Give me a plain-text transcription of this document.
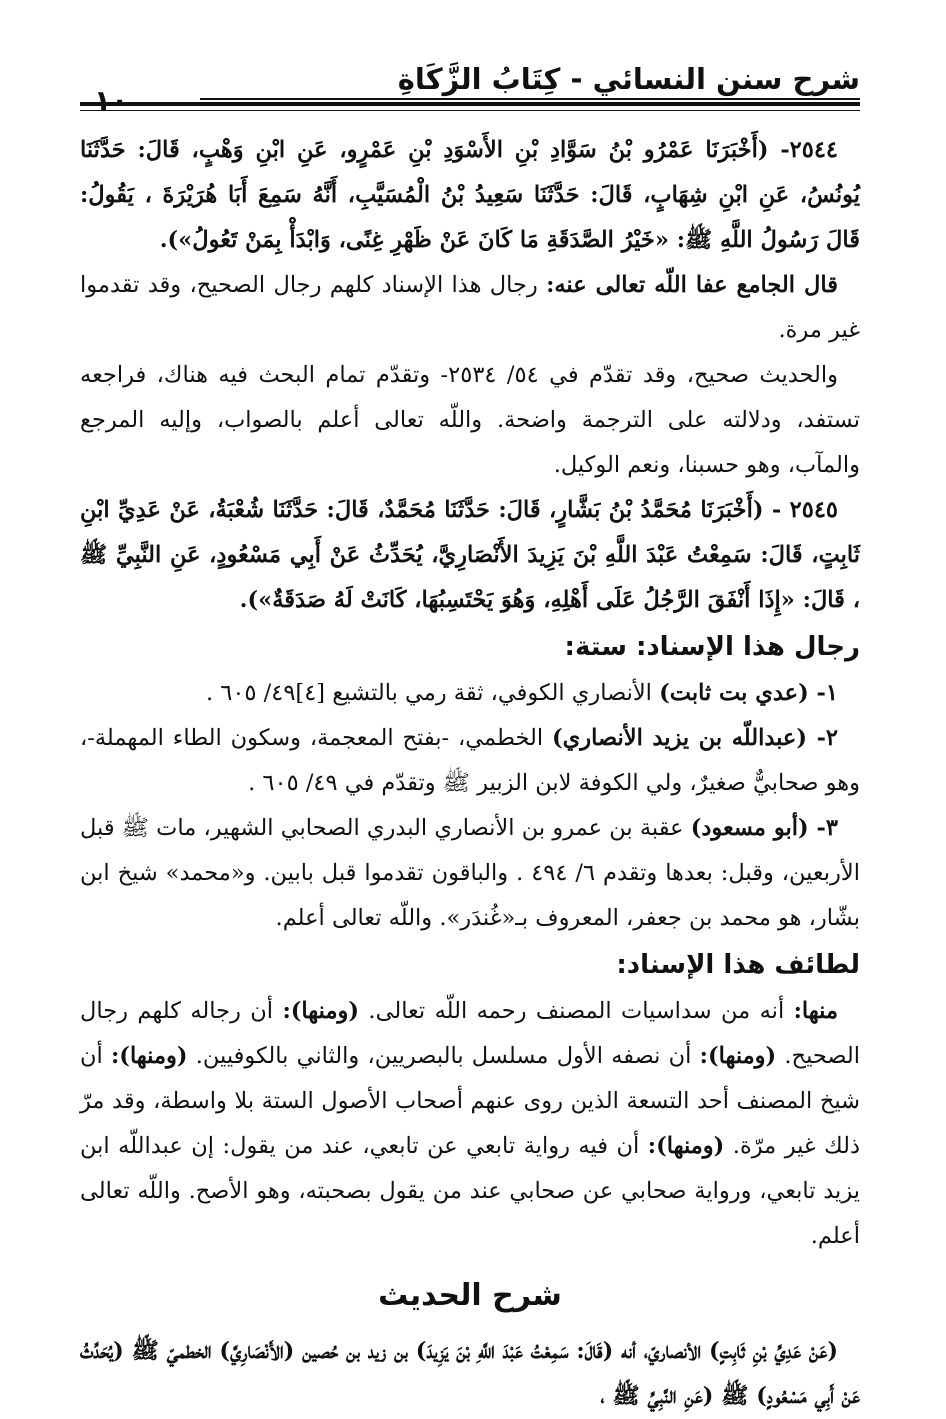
شرح سنن النسائي - كِتَابُ الزَّكَاةِ
١٠

٢٥٤٤- (أَخْبَرَنَا عَمْرُو بْنُ سَوَّادِ بْنِ الأَسْوَدِ بْنِ عَمْرٍو، عَنِ ابْنِ وَهْبٍ، قَالَ: حَدَّثَنَا يُونُسُ، عَنِ ابْنِ شِهَابٍ، قَالَ: حَدَّثَنَا سَعِيدُ بْنُ الْمُسَيَّبِ، أَنَّهُ سَمِعَ أَبَا هُرَيْرَةَ ، يَقُولُ: قَالَ رَسُولُ اللَّهِ ﷺ: «خَيْرُ الصَّدَقَةِ مَا كَانَ عَنْ ظَهْرِ غِنًى، وَابْدَأْ بِمَنْ تَعُولُ»).

قال الجامع عفا اللّه تعالى عنه: رجال هذا الإسناد كلهم رجال الصحيح، وقد تقدموا غير مرة.

والحديث صحيح، وقد تقدّم في ٥٤/ ٢٥٣٤- وتقدّم تمام البحث فيه هناك، فراجعه تستفد، ودلالته على الترجمة واضحة. واللّه تعالى أعلم بالصواب، وإليه المرجع والمآب، وهو حسبنا، ونعم الوكيل.

٢٥٤٥ - (أَخْبَرَنَا مُحَمَّدُ بْنُ بَشَّارٍ، قَالَ: حَدَّثَنَا مُحَمَّدٌ، قَالَ: حَدَّثَنَا شُعْبَةُ، عَنْ عَدِيِّ ابْنِ ثَابِتٍ، قَالَ: سَمِعْتُ عَبْدَ اللَّهِ بْنَ يَزِيدَ الأَنْصَارِيَّ، يُحَدِّثُ عَنْ أَبِي مَسْعُودٍ، عَنِ النَّبِيِّ ﷺ ، قَالَ: «إِذَا أَنْفَقَ الرَّجُلُ عَلَى أَهْلِهِ، وَهُوَ يَحْتَسِبُهَا، كَانَتْ لَهُ صَدَقَةٌ»).

رجال هذا الإسناد: ستة:

١- (عدي بت ثابت) الأنصاري الكوفي، ثقة رمي بالتشيع [٤]٤٩/ ٦٠٥ .

٢- (عبداللّه بن يزيد الأنصاري) الخطمي، -بفتح المعجمة، وسكون الطاء المهملة-، وهو صحابيٌّ صغيرٌ، ولي الكوفة لابن الزبير ﷺ وتقدّم في ٤٩/ ٦٠٥ .

٣- (أبو مسعود) عقبة بن عمرو بن الأنصاري البدري الصحابي الشهير، مات ﷺ قبل الأربعين، وقبل: بعدها وتقدم ٦/ ٤٩٤ . والباقون تقدموا قبل بابين. و«محمد» شيخ ابن بشّار، هو محمد بن جعفر، المعروف بـ«غُندَر». واللّه تعالى أعلم.

لطائف هذا الإسناد:

منها: أنه من سداسيات المصنف رحمه اللّه تعالى. (ومنها): أن رجاله كلهم رجال الصحيح. (ومنها): أن نصفه الأول مسلسل بالبصريين، والثاني بالكوفيين. (ومنها): أن شيخ المصنف أحد التسعة الذين روى عنهم أصحاب الأصول الستة بلا واسطة، وقد مرّ ذلك غير مرّة. (ومنها): أن فيه رواية تابعي عن تابعي، عند من يقول: إن عبداللّه ابن يزيد تابعي، ورواية صحابي عن صحابي عند من يقول بصحبته، وهو الأصح. واللّه تعالى أعلم.

شرح الحديث

(عَنْ عَدِيِّ بْنِ ثَابِتٍ) الأنصاريّ، أنه (قَالَ: سَمِعْتُ عَبْدَ اللَّهِ بْنَ يَزِيدَ) بن زيد بن حُصين (الأَنْصَارِيَّ) الخطميّ ﷺ (يُحَدِّثُ عَنْ أَبِي مَسْعُودٍ) ﷺ (عَنِ النَّبِيِّ ﷺ ،
